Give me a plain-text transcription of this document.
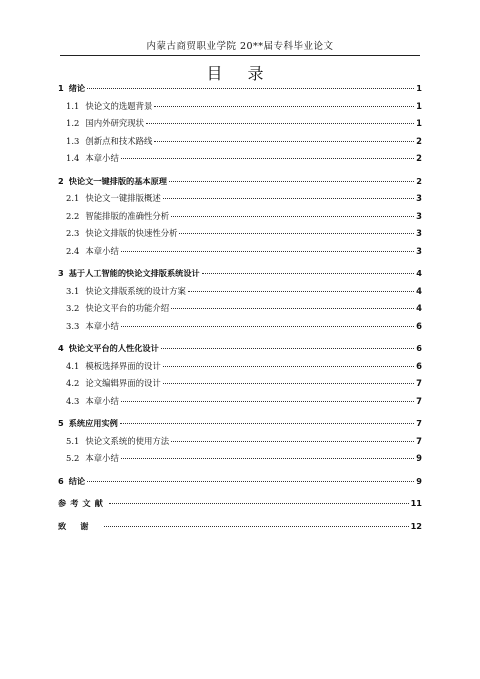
内蒙古商贸职业学院 20**届专科毕业论文
目 录
1 绪论	1
1.1 快论文的选题背景	1
1.2 国内外研究现状	1
1.3 创新点和技术路线	2
1.4 本章小结	2
2 快论文一键排版的基本原理	2
2.1 快论文一键排版概述	3
2.2 智能排版的准确性分析	3
2.3 快论文排版的快速性分析	3
2.4 本章小结	3
3 基于人工智能的快论文排版系统设计	4
3.1 快论文排版系统的设计方案	4
3.2 快论文平台的功能介绍	4
3.3 本章小结	6
4 快论文平台的人性化设计	6
4.1 模板选择界面的设计	6
4.2 论文编辑界面的设计	7
4.3 本章小结	7
5 系统应用实例	7
5.1 快论文系统的使用方法	7
5.2 本章小结	9
6 结论	9
参考文献	11
致谢	12
